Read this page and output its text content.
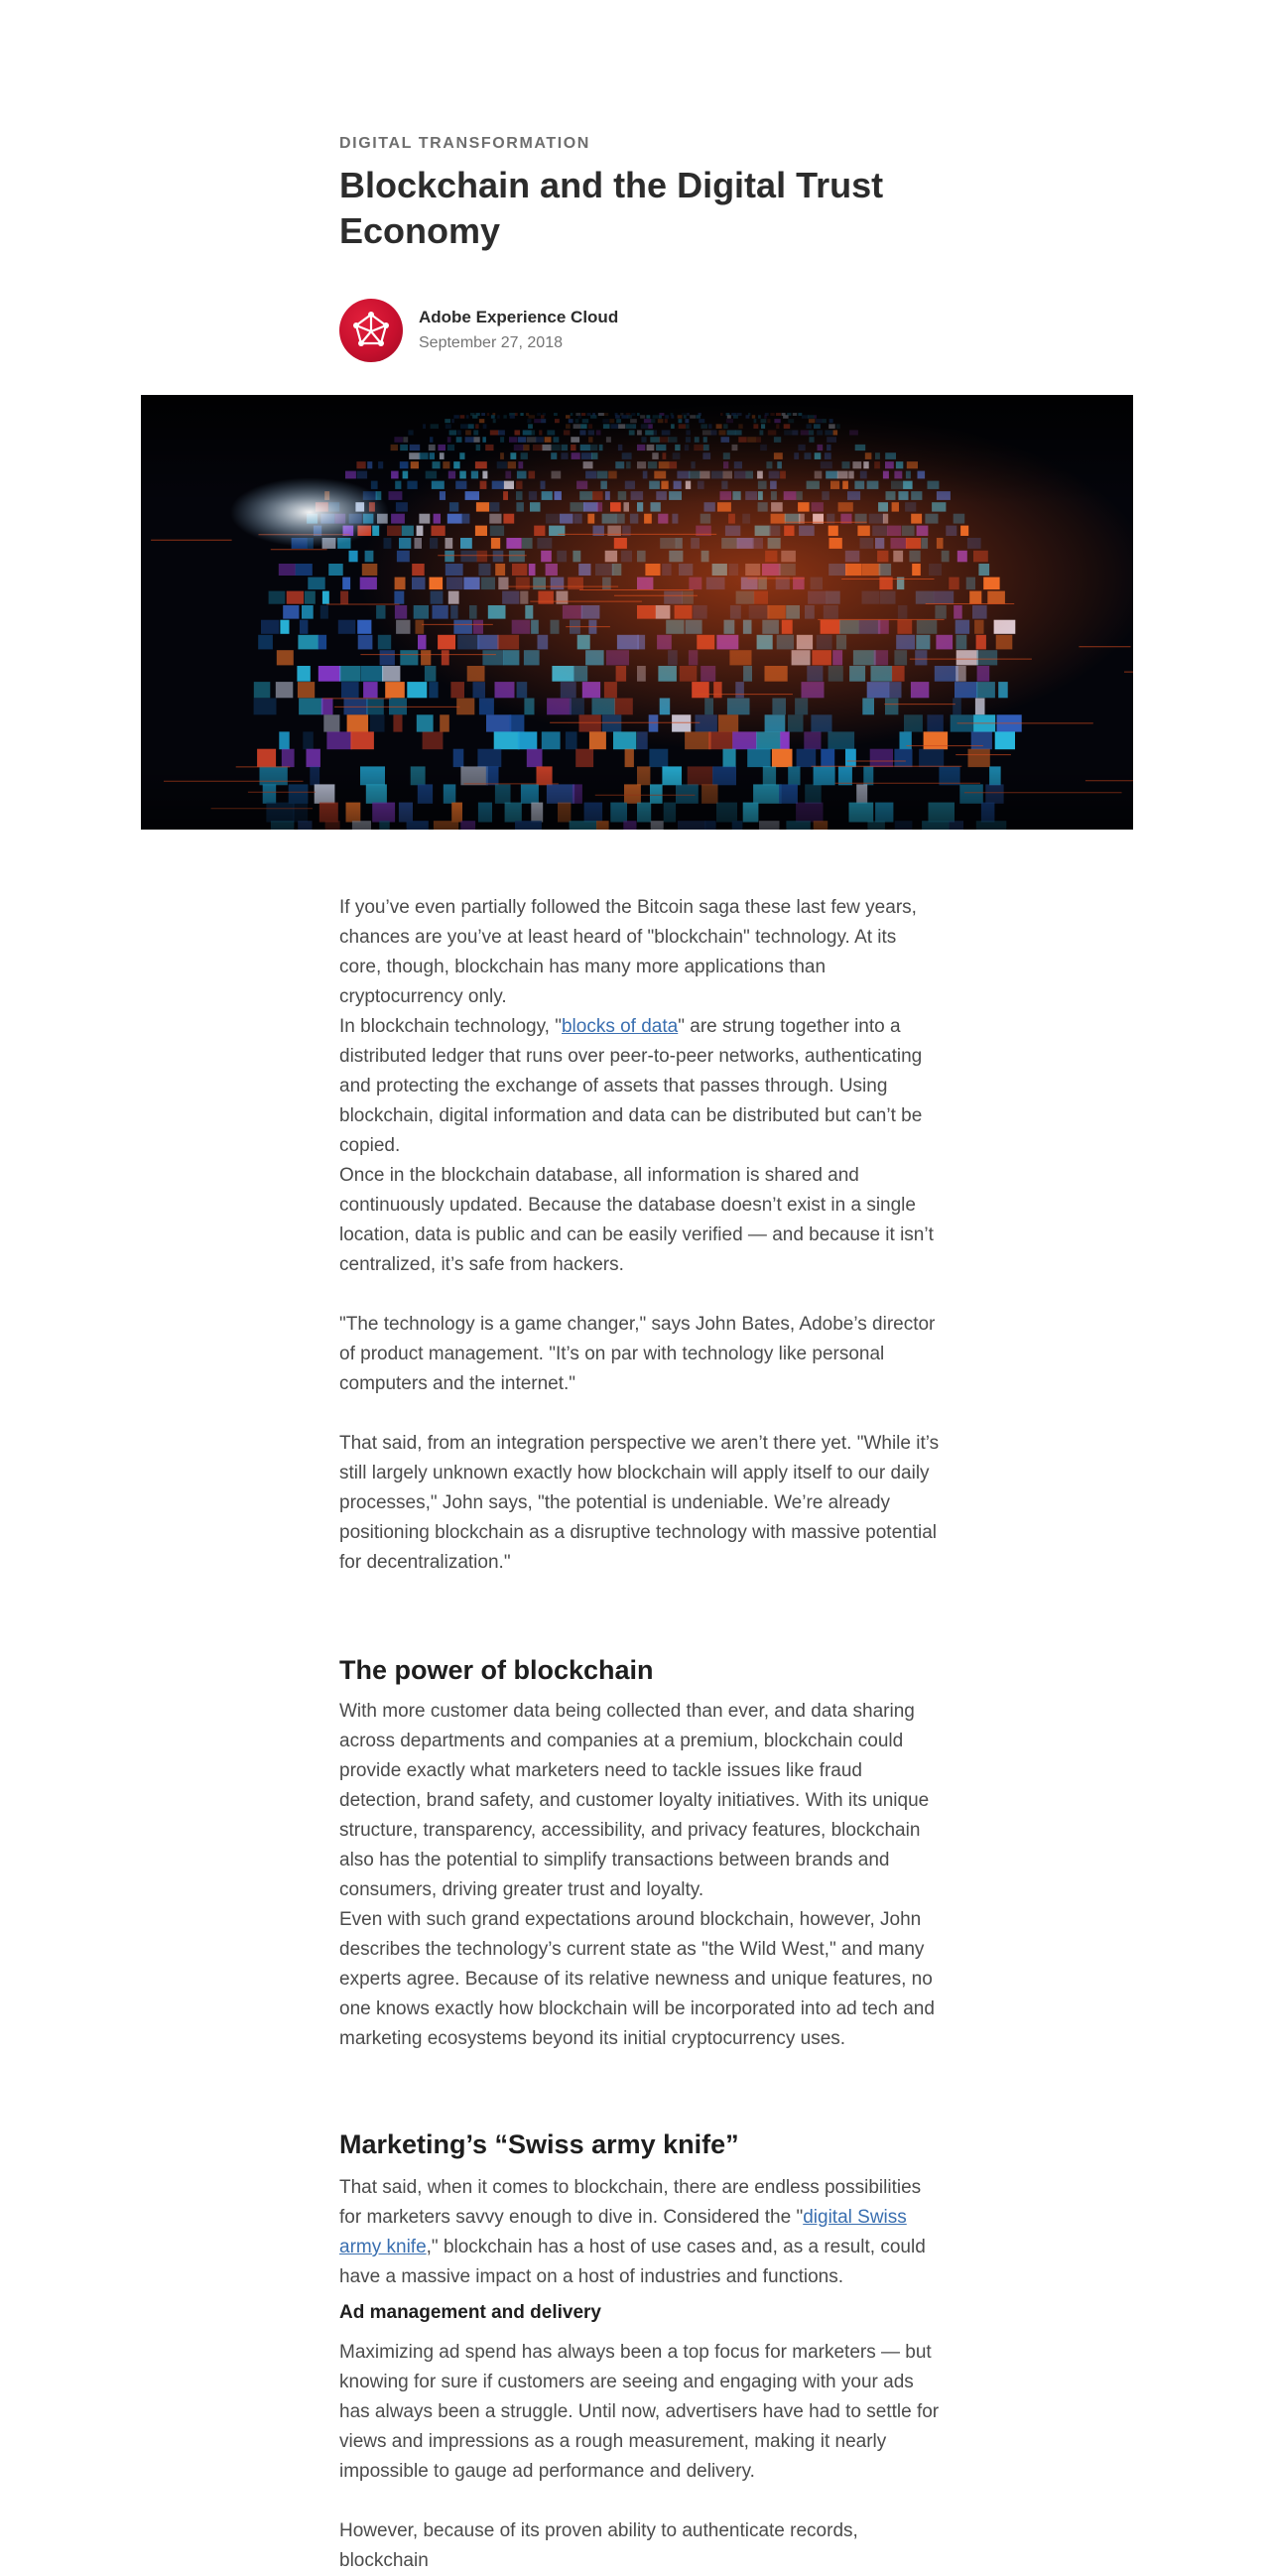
DIGITAL TRANSFORMATION
Blockchain and the Digital Trust Economy
Adobe Experience Cloud
September 27, 2018

If you’ve even partially followed the Bitcoin saga these last few years, chances are you’ve at least heard of "blockchain" technology. At its core, though, blockchain has many more applications than cryptocurrency only.

In blockchain technology, "blocks of data" are strung together into a distributed ledger that runs over peer-to-peer networks, authenticating and protecting the exchange of assets that passes through. Using blockchain, digital information and data can be distributed but can’t be copied.

Once in the blockchain database, all information is shared and continuously updated. Because the database doesn’t exist in a single location, data is public and can be easily verified — and because it isn’t centralized, it’s safe from hackers.

"The technology is a game changer," says John Bates, Adobe’s director of product management. "It’s on par with technology like personal computers and the internet."

That said, from an integration perspective we aren’t there yet. "While it’s still largely unknown exactly how blockchain will apply itself to our daily processes," John says, "the potential is undeniable. We’re already positioning blockchain as a disruptive technology with massive potential for decentralization."

The power of blockchain

With more customer data being collected than ever, and data sharing across departments and companies at a premium, blockchain could provide exactly what marketers need to tackle issues like fraud detection, brand safety, and customer loyalty initiatives. With its unique structure, transparency, accessibility, and privacy features, blockchain also has the potential to simplify transactions between brands and consumers, driving greater trust and loyalty.

Even with such grand expectations around blockchain, however, John describes the technology’s current state as "the Wild West," and many experts agree. Because of its relative newness and unique features, no one knows exactly how blockchain will be incorporated into ad tech and marketing ecosystems beyond its initial cryptocurrency uses.

Marketing’s “Swiss army knife”

That said, when it comes to blockchain, there are endless possibilities for marketers savvy enough to dive in. Considered the "digital Swiss army knife," blockchain has a host of use cases and, as a result, could have a massive impact on a host of industries and functions.

Ad management and delivery

Maximizing ad spend has always been a top focus for marketers — but knowing for sure if customers are seeing and engaging with your ads has always been a struggle. Until now, advertisers have had to settle for views and impressions as a rough measurement, making it nearly impossible to gauge ad performance and delivery.

However, because of its proven ability to authenticate records, blockchain
